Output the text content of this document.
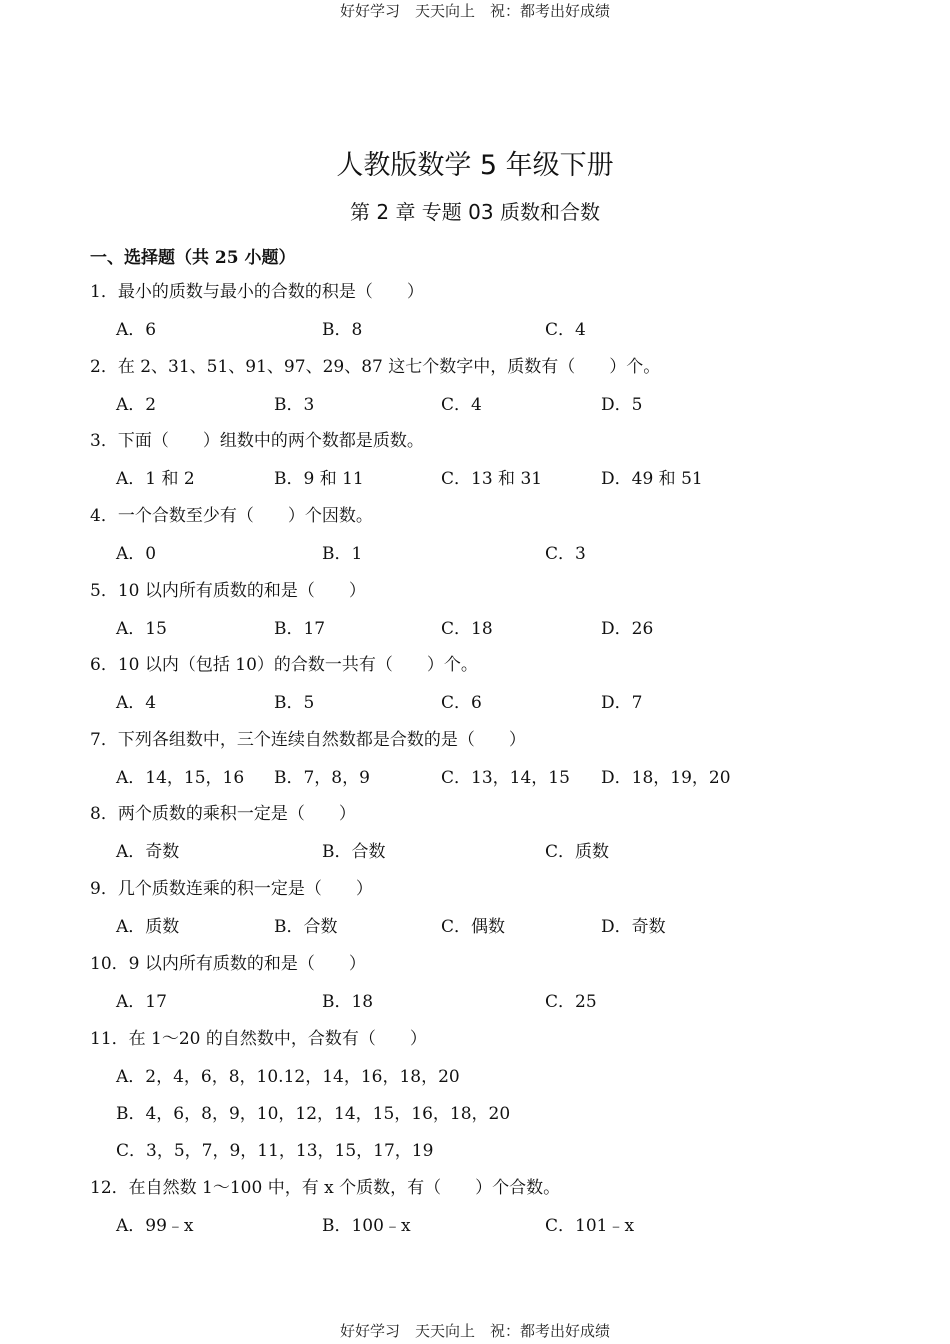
好好学习　天天向上　祝：都考出好成绩
人教版数学 5 年级下册
第 2 章 专题 03 质数和合数
一、选择题（共 25 小题）
1．最小的质数与最小的合数的积是（　　）
A．6	B．8	C．4
2．在 2、31、51、91、97、29、87 这七个数字中，质数有（　　）个。
A．2	B．3	C．4	D．5
3．下面（　　）组数中的两个数都是质数。
A．1 和 2	B．9 和 11	C．13 和 31	D．49 和 51
4．一个合数至少有（　　）个因数。
A．0	B．1	C．3
5．10 以内所有质数的和是（　　）
A．15	B．17	C．18	D．26
6．10 以内（包括 10）的合数一共有（　　）个。
A．4	B．5	C．6	D．7
7．下列各组数中，三个连续自然数都是合数的是（　　）
A．14，15，16 B．7，8，9	C．13，14，15 D．18，19，20
8．两个质数的乘积一定是（　　）
A．奇数	B．合数	C．质数
9．几个质数连乘的积一定是（　　）
A．质数	B．合数	C．偶数	D．奇数
10．9 以内所有质数的和是（　　）
A．17	B．18	C．25
11．在 1～20 的自然数中，合数有（　　）
A．2，4，6，8，10.12，14，16，18，20
B．4，6，8，9，10，12，14，15，16，18，20
C．3，5，7，9，11，13，15，17，19
12．在自然数 1～100 中，有 x 个质数，有（　　）个合数。
A．99﹣x	B．100﹣x	C．101﹣x
好好学习　天天向上　祝：都考出好成绩
